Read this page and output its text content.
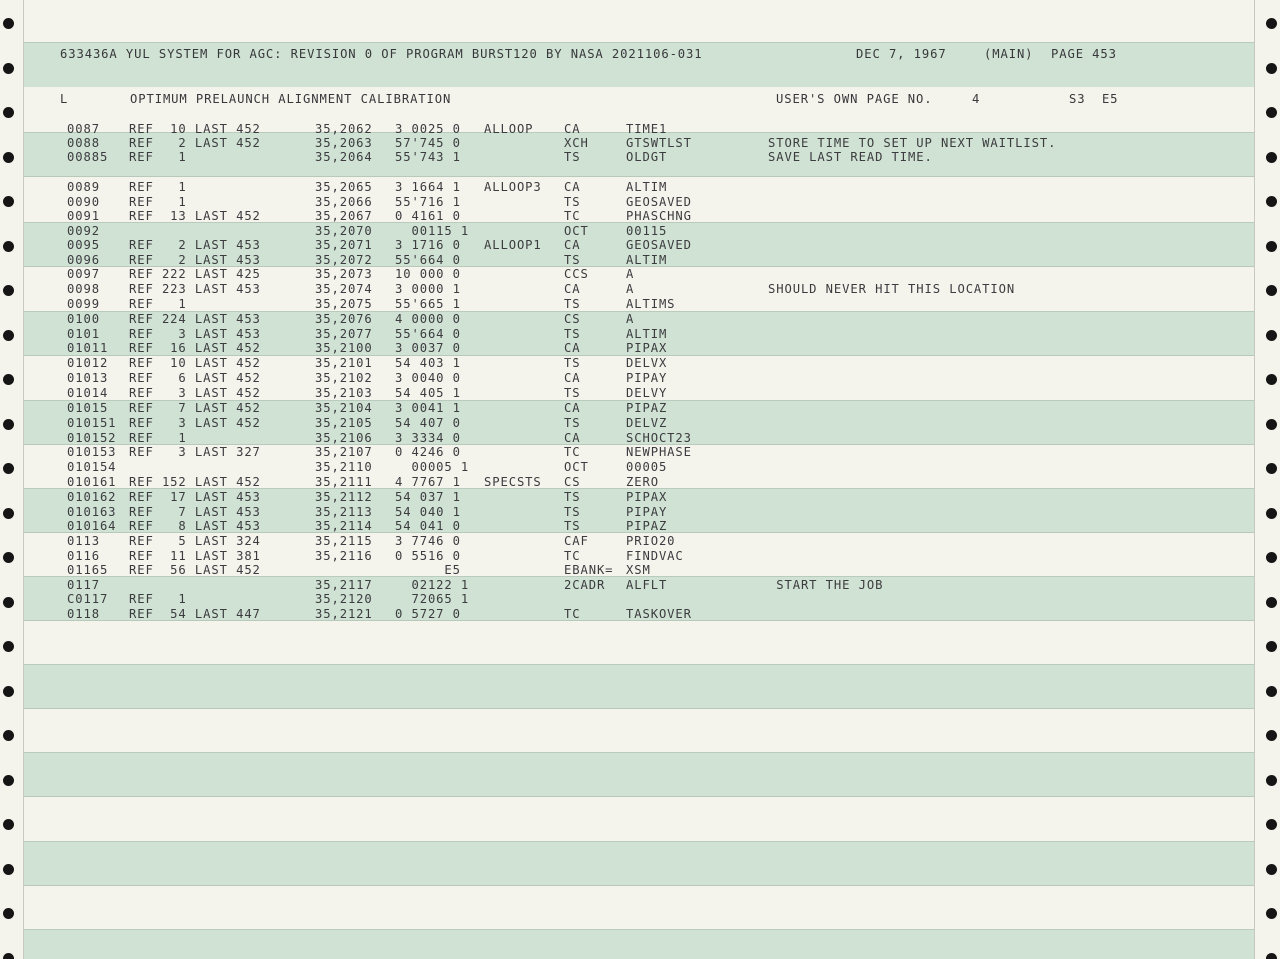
633436A YUL SYSTEM FOR AGC: REVISION 0 OF PROGRAM BURST120 BY NASA 2021106-031	DEC 7, 1967	(MAIN) PAGE 453
L	OPTIMUM PRELAUNCH ALIGNMENT CALIBRATION	USER'S OWN PAGE NO.	4	S3  E5
0087 REF  10 LAST 452	35,2062 3 0025 0 ALLOOP	CA	TIME1
0088 REF   2 LAST 452	35,2063 57'745 0	XCH	GTSWTLST	STORE TIME TO SET UP NEXT WAITLIST.
00885 REF   1	35,2064 55'743 1	TS	OLDGT	SAVE LAST READ TIME.
0089 REF   1	35,2065 3 1664 1 ALLOOP3 CA	ALTIM
0090 REF   1	35,2066 55'716 1	TS	GEOSAVED
0091 REF  13 LAST 452	35,2067 0 4161 0	TC	PHASCHNG
0092	35,2070 00115 1	OCT	00115
0095 REF   2 LAST 453	35,2071 3 1716 0 ALLOOP1 CA	GEOSAVED
0096 REF   2 LAST 453	35,2072 55'664 0	TS	ALTIM
0097 REF 222 LAST 425	35,2073 10 000 0	CCS	A
0098 REF 223 LAST 453	35,2074 3 0000 1	CA	A	SHOULD NEVER HIT THIS LOCATION
0099 REF   1	35,2075 55'665 1	TS	ALTIMS
0100 REF 224 LAST 453	35,2076 4 0000 0	CS	A
0101 REF   3 LAST 453	35,2077 55'664 0	TS	ALTIM
01011 REF  16 LAST 452	35,2100 3 0037 0	CA	PIPAX
01012 REF  10 LAST 452	35,2101 54 403 1	TS	DELVX
01013 REF   6 LAST 452	35,2102 3 0040 0	CA	PIPAY
01014 REF   3 LAST 452	35,2103 54 405 1	TS	DELVY
01015 REF   7 LAST 452	35,2104 3 0041 1	CA	PIPAZ
010151 REF   3 LAST 452	35,2105 54 407 0	TS	DELVZ
010152 REF   1	35,2106 3 3334 0	CA	SCHOCT23
010153 REF   3 LAST 327	35,2107 0 4246 0	TC	NEWPHASE
010154	35,2110 00005 1	OCT	00005
010161 REF 152 LAST 452	35,2111 4 7767 1 SPECSTS CS	ZERO
010162 REF  17 LAST 453	35,2112 54 037 1	TS	PIPAX
010163 REF   7 LAST 453	35,2113 54 040 1	TS	PIPAY
010164 REF   8 LAST 453	35,2114 54 041 0	TS	PIPAZ
0113 REF   5 LAST 324	35,2115 3 7746 0	CAF	PRIO20
0116 REF  11 LAST 381	35,2116 0 5516 0	TC	FINDVAC
01165 REF  56 LAST 452	E5	EBANK= XSM
0117	35,2117 02122 1	2CADR ALFLT	START THE JOB
C0117 REF   1	35,2120 72065 1
0118 REF  54 LAST 447	35,2121 0 5727 0	TC	TASKOVER
